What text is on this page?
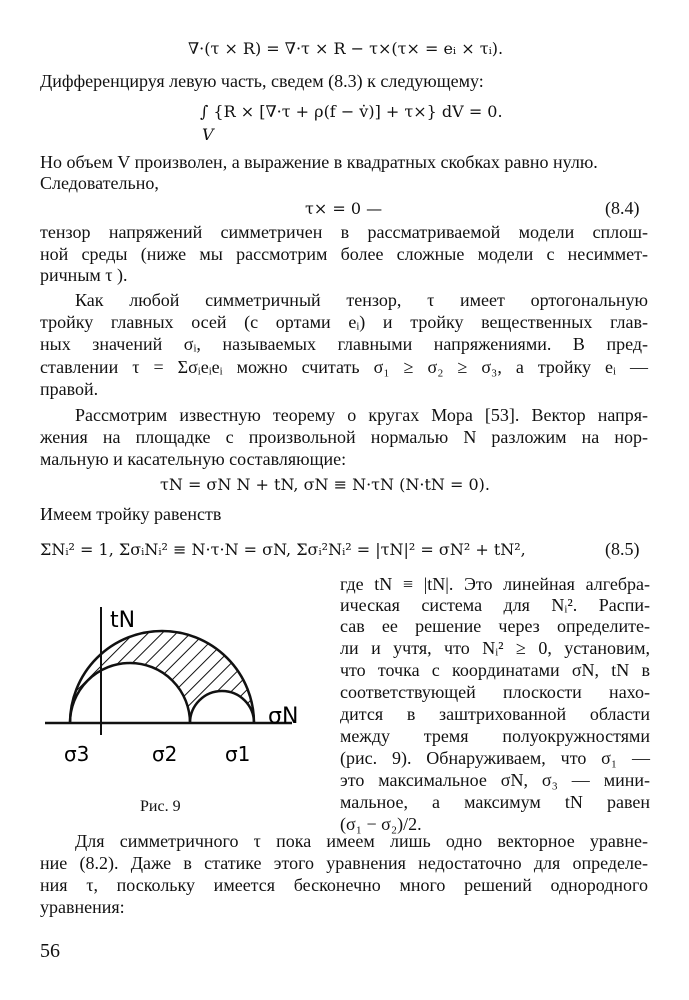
∇·(τ × R) = ∇·τ × R − τ×(τ× = eᵢ × τᵢ).
Дифференцируя левую часть, сведем (8.3) к следующему:
∫ {R × [∇·τ + ρ(f − v̇)] + τ×} dV = 0.
V
Но объем V произволен, а выражение в квадратных скобках равно нулю.
Следовательно,
τ× = 0 —	(8.4)
тензор напряжений симметричен в рассматриваемой модели сплош-
ной среды (ниже мы рассмотрим более сложные модели с несиммет-
ричным τ ).
Как любой симметричный тензор, τ имеет ортогональную
тройку главных осей (с ортами eᵢ) и тройку вещественных глав-
ных значений σᵢ, называемых главными напряжениями. В пред-
ставлении τ = Σσᵢeᵢeᵢ можно считать σ₁ ≥ σ₂ ≥ σ₃, а тройку eᵢ —
правой.
Рассмотрим известную теорему о кругах Мора [53]. Вектор напря-
жения на площадке с произвольной нормалью N разложим на нор-
мальную и касательную составляющие:
τN = σN N + tN, σN ≡ N·τN (N·tN = 0).
Имеем тройку равенств
ΣNᵢ² = 1, ΣσᵢNᵢ² ≡ N·τ·N = σN, Σσᵢ²Nᵢ² = |τN|² = σN² + tN²,	(8.5)
где tN ≡ |tN|. Это линейная алгебра-
ическая система для Nᵢ². Распи-
сав ее решение через определите-
ли и учтя, что Nᵢ² ≥ 0, установим,
что точка с координатами σN, tN в
соответствующей плоскости нахо-
дится в заштрихованной области
между тремя полуокружностями
(рис. 9). Обнаруживаем, что σ₁ —
это максимальное σN, σ₃ — мини-
мальное, а максимум tN равен
(σ₁ − σ₂)/2.
tN
σN
σ3	σ2 σ1
Рис. 9
Для симметричного τ пока имеем лишь одно векторное уравне-
ние (8.2). Даже в статике этого уравнения недостаточно для определе-
ния τ, поскольку имеется бесконечно много решений однородного
уравнения:
56
